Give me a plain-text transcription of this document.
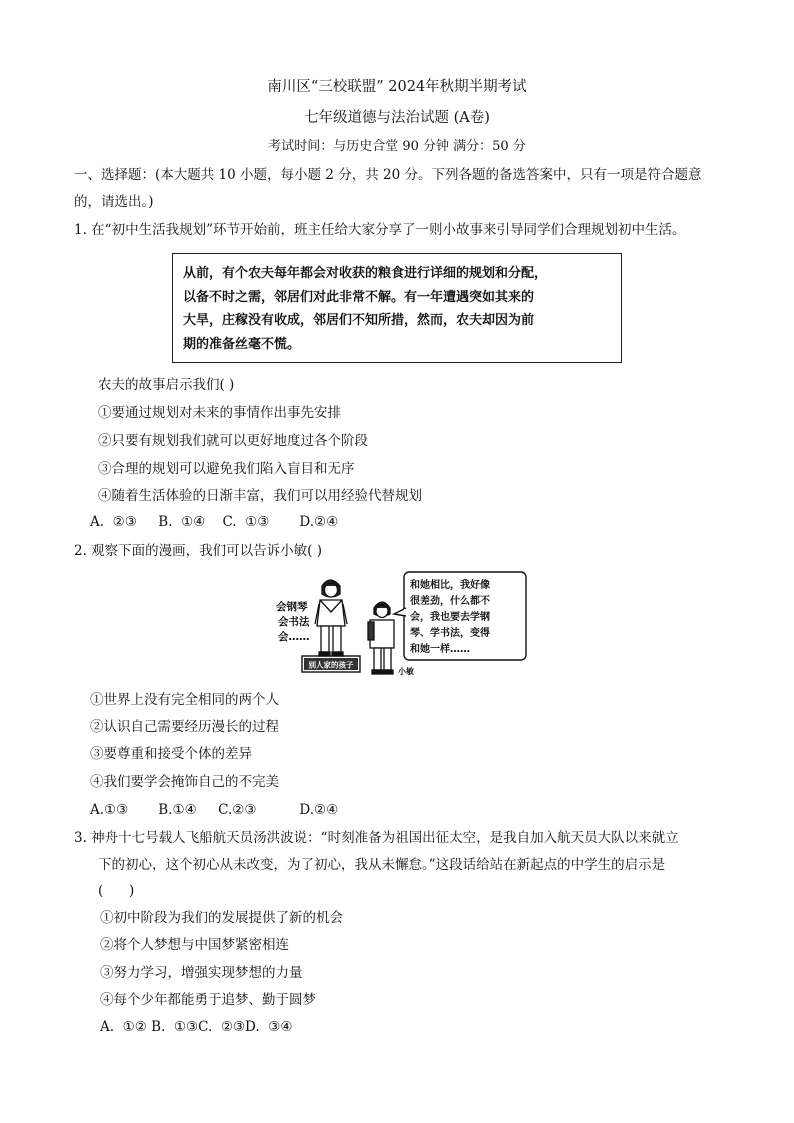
南川区“三校联盟” 2024年秋期半期考试
七年级道德与法治试题 (A卷)
考试时间：与历史合堂 90 分钟 满分：50 分
一、选择题：(本大题共 10 小题，每小题 2 分，共 20 分。下列各题的备选答案中，只有一项是符合题意
的，请选出。)
1. 在“初中生活我规划”环节开始前，班主任给大家分享了一则小故事来引导同学们合理规划初中生活。
从前，有个农夫每年都会对收获的粮食进行详细的规划和分配，
以备不时之需，邻居们对此非常不解。有一年遭遇突如其来的
大旱，庄稼没有收成，邻居们不知所措，然而，农夫却因为前
期的准备丝毫不慌。
农夫的故事启示我们( )
①要通过规划对未来的事情作出事先安排
②只要有规划我们就可以更好地度过各个阶段
③合理的规划可以避免我们陷入盲目和无序
④随着生活体验的日渐丰富，我们可以用经验代替规划
A.  ②③     B.  ①④    C.  ①③       D.②④
2. 观察下面的漫画，我们可以告诉小敏( )
会钢琴
会书法
会……
别人家的孩子
小敏
和她相比，我好像
很差劲，什么都不
会，我也要去学钢
琴、学书法，变得
和她一样……
①世界上没有完全相同的两个人
②认识自己需要经历漫长的过程
③要尊重和接受个体的差异
④我们要学会掩饰自己的不完美
A.①③       B.①④     C.②③          D.②④
3. 神舟十七号载人飞船航天员汤洪波说：“时刻准备为祖国出征太空，是我自加入航天员大队以来就立
下的初心，这个初心从未改变，为了初心，我从未懈怠。”这段话给站在新起点的中学生的启示是
(      )
①初中阶段为我们的发展提供了新的机会
②将个人梦想与中国梦紧密相连
③努力学习，增强实现梦想的力量
④每个少年都能勇于追梦、勤于圆梦
A.  ①② B.  ①③C.  ②③D.  ③④
